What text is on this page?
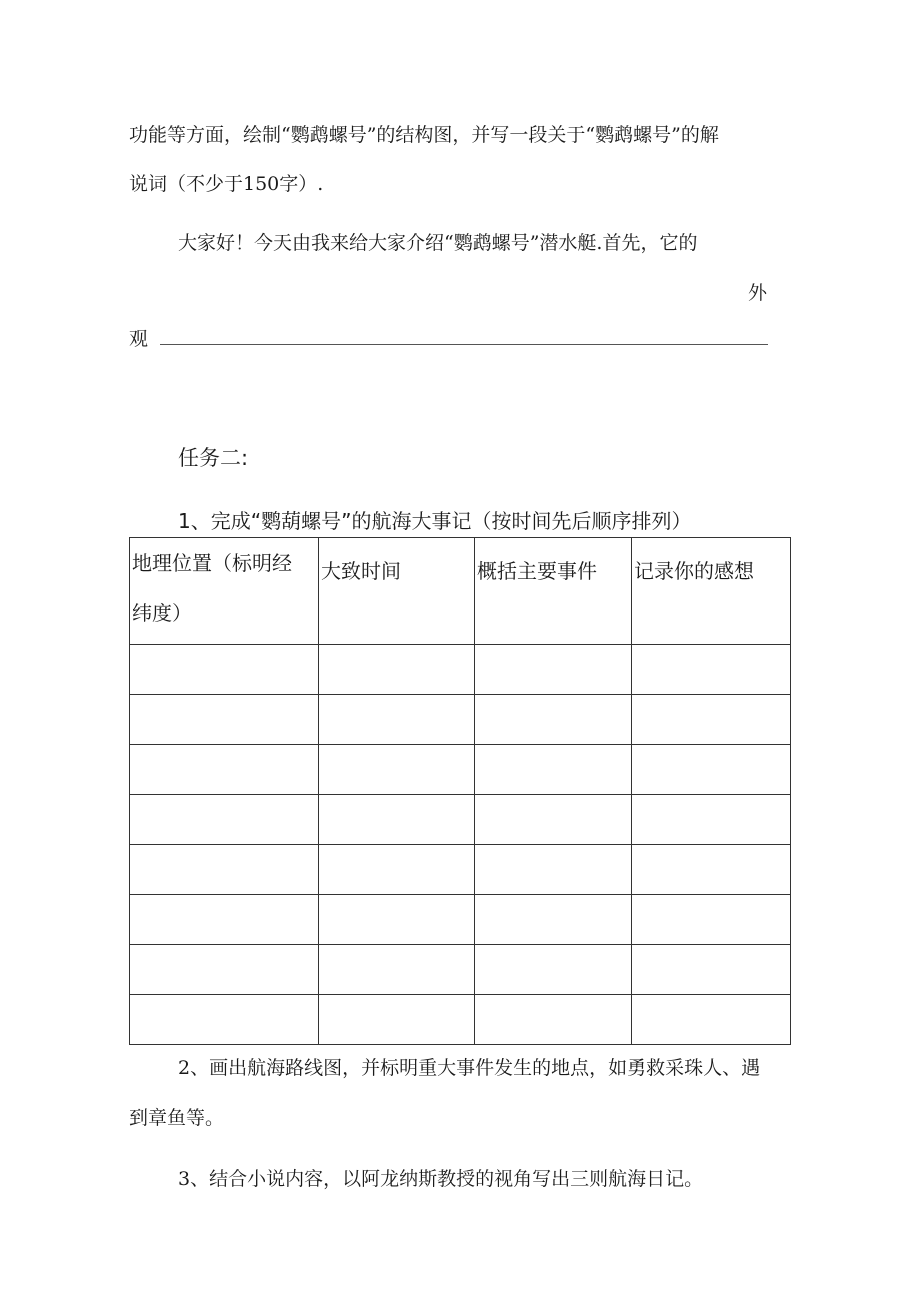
功能等方面，绘制“鹦鹉螺号”的结构图，并写一段关于“鹦鹉螺号”的解
说词（不少于150字）.
大家好！今天由我来给大家介绍“鹦鹉螺号”潜水艇.首先，它的
外
观
任务二:
1、完成“鹦葫螺号”的航海大事记（按时间先后顺序排列）
地理位置（标明经
纬度）	大致时间	概括主要事件	记录你的感想

2、画出航海路线图，并标明重大事件发生的地点，如勇救采珠人、遇
到章鱼等。
3、结合小说内容，以阿龙纳斯教授的视角写出三则航海日记。
